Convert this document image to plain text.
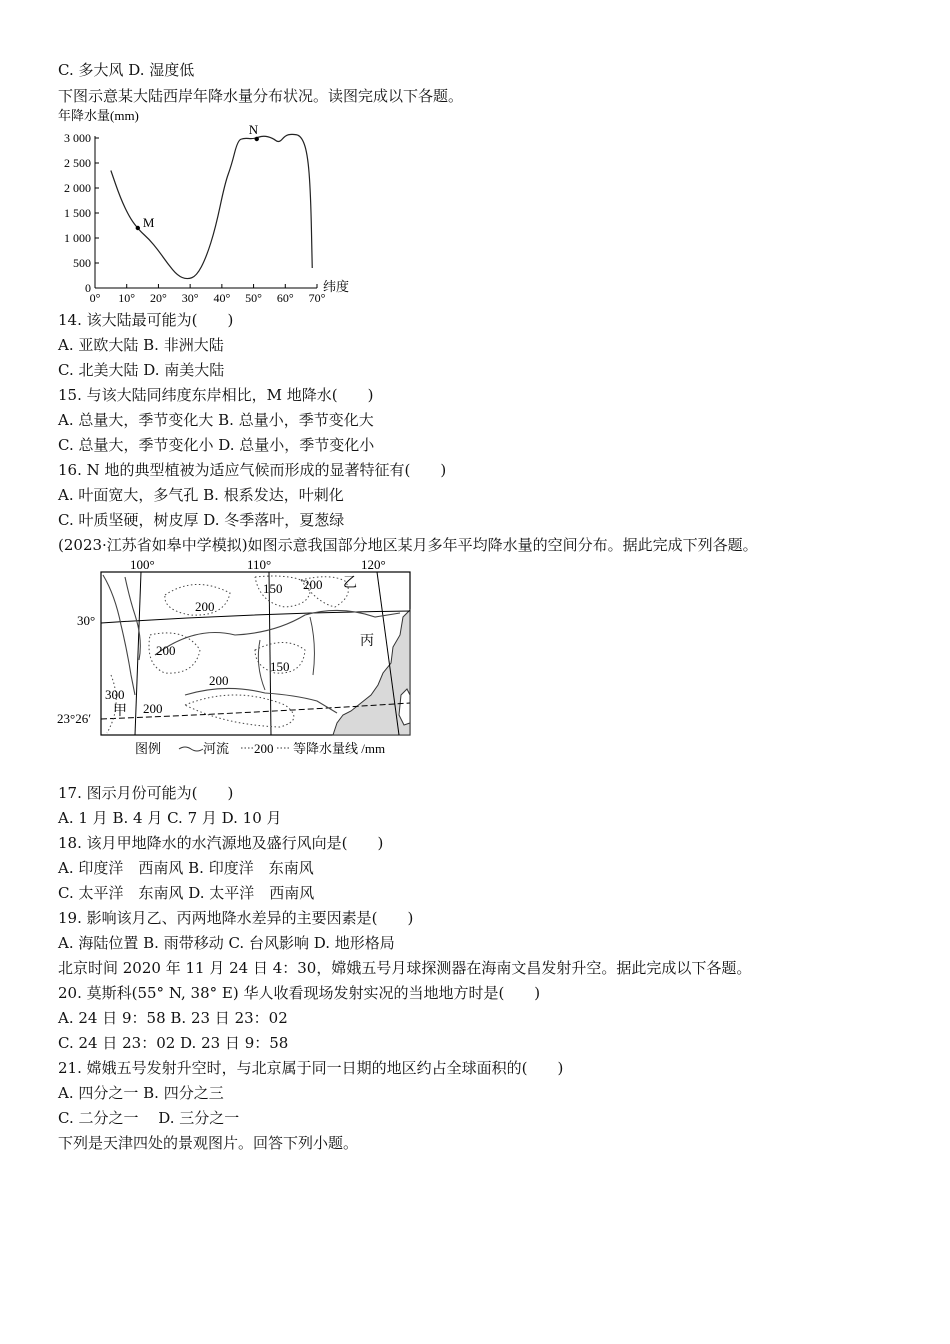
C. 多大风 D. 湿度低
下图示意某大陆西岸年降水量分布状况。读图完成以下各题。
年降水量(mm)
3 000
2 500
2 000
1 500
1 000
500
0
0° 10° 20° 30° 40° 50° 60° 70°
M
N
纬度
14. 该大陆最可能为(　　)
A. 亚欧大陆 B. 非洲大陆
C. 北美大陆 D. 南美大陆
15. 与该大陆同纬度东岸相比，M 地降水(　　)
A. 总量大，季节变化大 B. 总量小，季节变化大
C. 总量大，季节变化小 D. 总量小，季节变化小
16. N 地的典型植被为适应气候而形成的显著特征有(　　)
A. 叶面宽大，多气孔 B. 根系发达，叶刺化
C. 叶质坚硬，树皮厚 D. 冬季落叶，夏葱绿
(2023·江苏省如皋中学模拟)如图示意我国部分地区某月多年平均降水量的空间分布。据此完成下列各题。
100°	110°	120°
30°
23°26′
150 200
200
200
150
200
300
200
甲
乙
丙
图例	河流 200 等降水量线 /mm
17. 图示月份可能为(　　)
A. 1 月 B. 4 月 C. 7 月 D. 10 月
18. 该月甲地降水的水汽源地及盛行风向是(　　)
A. 印度洋　西南风 B. 印度洋　东南风
C. 太平洋　东南风 D. 太平洋　西南风
19. 影响该月乙、丙两地降水差异的主要因素是(　　)
A. 海陆位置 B. 雨带移动 C. 台风影响 D. 地形格局
北京时间 2020 年 11 月 24 日 4：30，嫦娥五号月球探测器在海南文昌发射升空。据此完成以下各题。
20. 莫斯科(55° N, 38° E) 华人收看现场发射实况的当地地方时是(　　)
A. 24 日 9：58 B. 23 日 23：02
C. 24 日 23：02 D. 23 日 9：58
21. 嫦娥五号发射升空时，与北京属于同一日期的地区约占全球面积的(　　)
A. 四分之一 B. 四分之三
C. 二分之一　 D. 三分之一
下列是天津四处的景观图片。回答下列小题。
